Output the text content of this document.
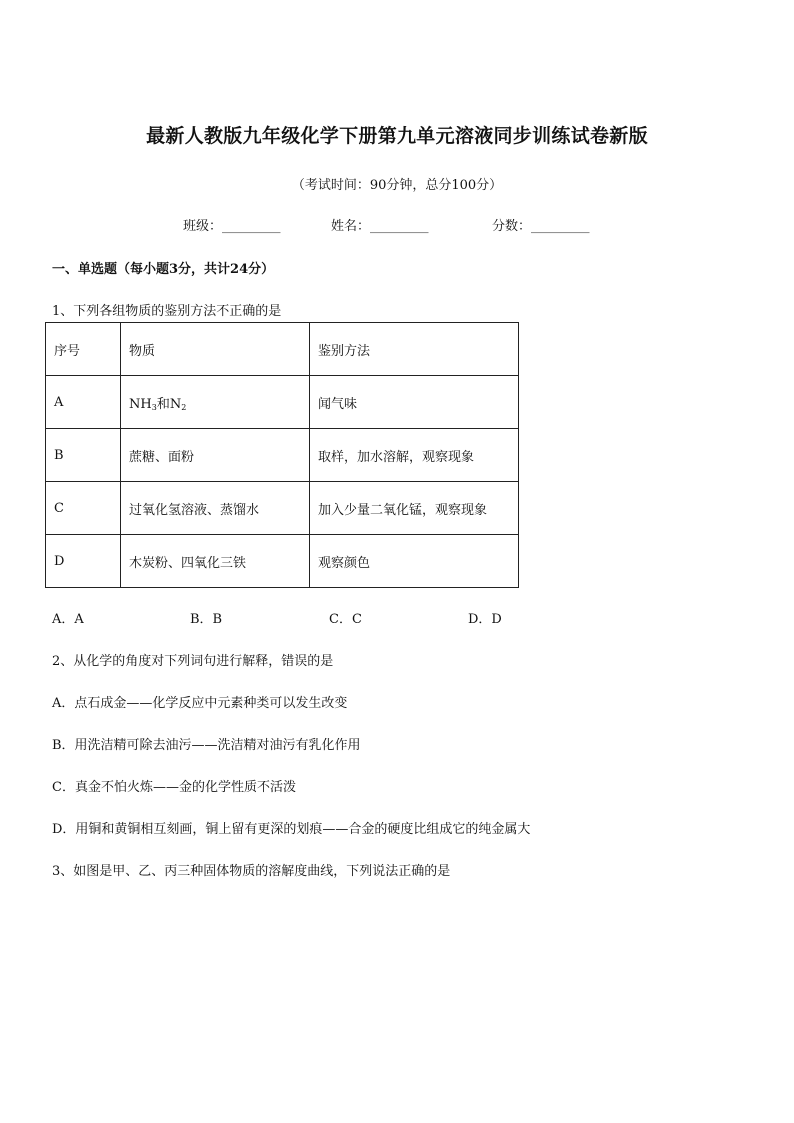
最新人教版九年级化学下册第九单元溶液同步训练试卷新版
（考试时间：90分钟，总分100分）
班级：_________	姓名：_________	分数：_________
一、单选题（每小题3分，共计24分）
1、下列各组物质的鉴别方法不正确的是
序号	物质	鉴别方法
A	$NH_3$和$N_2$	闻气味
B	蔗糖、面粉	取样，加水溶解，观察现象
C	过氧化氢溶液、蒸馏水	加入少量二氧化锰，观察现象
D	木炭粉、四氧化三铁	观察颜色
A．A	B．B	C．C	D．D
2、从化学的角度对下列词句进行解释，错误的是
A．点石成金——化学反应中元素种类可以发生改变
B．用洗洁精可除去油污——洗洁精对油污有乳化作用
C．真金不怕火炼——金的化学性质不活泼
D．用铜和黄铜相互刻画，铜上留有更深的划痕——合金的硬度比组成它的纯金属大
3、如图是甲、乙、丙三种固体物质的溶解度曲线，下列说法正确的是
